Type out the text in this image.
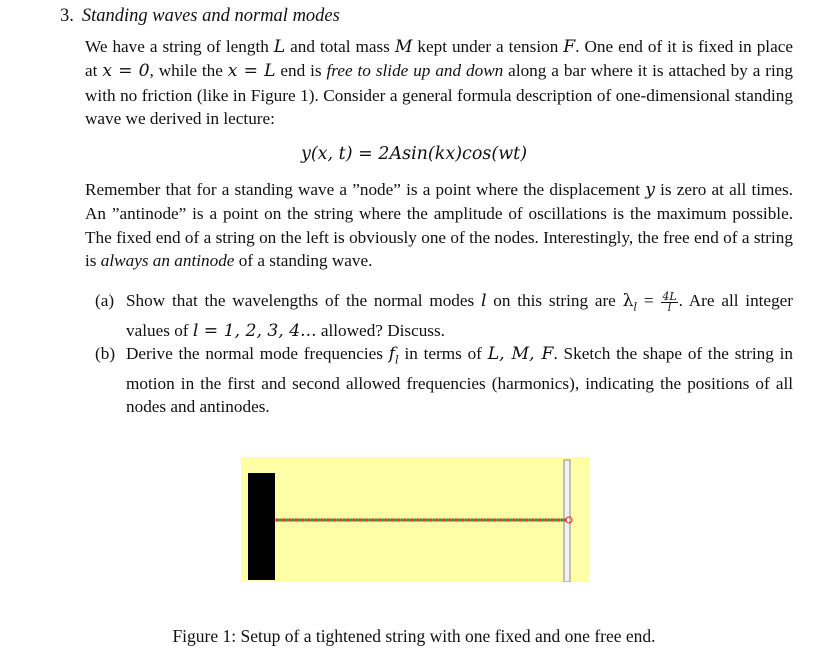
3. Standing waves and normal modes
We have a string of length L and total mass M kept under a tension F. One end of it is fixed in place at x = 0, while the x = L end is free to slide up and down along a bar where it is attached by a ring with no friction (like in Figure 1). Consider a general formula description of one-dimensional standing wave we derived in lecture:
y(x, t) = 2Asin(kx)cos(wt)
Remember that for a standing wave a ”node” is a point where the displacement y is zero at all times. An ”antinode” is a point on the string where the amplitude of oscillations is the maximum possible. The fixed end of a string on the left is obviously one of the nodes. Interestingly, the free end of a string is always an antinode of a standing wave.
(a) Show that the wavelengths of the normal modes l on this string are $\lambda_l = \frac{4L}{l}$ . Are all integer values of l = 1, 2, 3, 4... allowed? Discuss.
(b) Derive the normal mode frequencies $f_l$ in terms of L, M, F. Sketch the shape of the string in motion in the first and second allowed frequencies (harmonics), indicating the positions of all nodes and antinodes.
Figure 1: Setup of a tightened string with one fixed and one free end.
